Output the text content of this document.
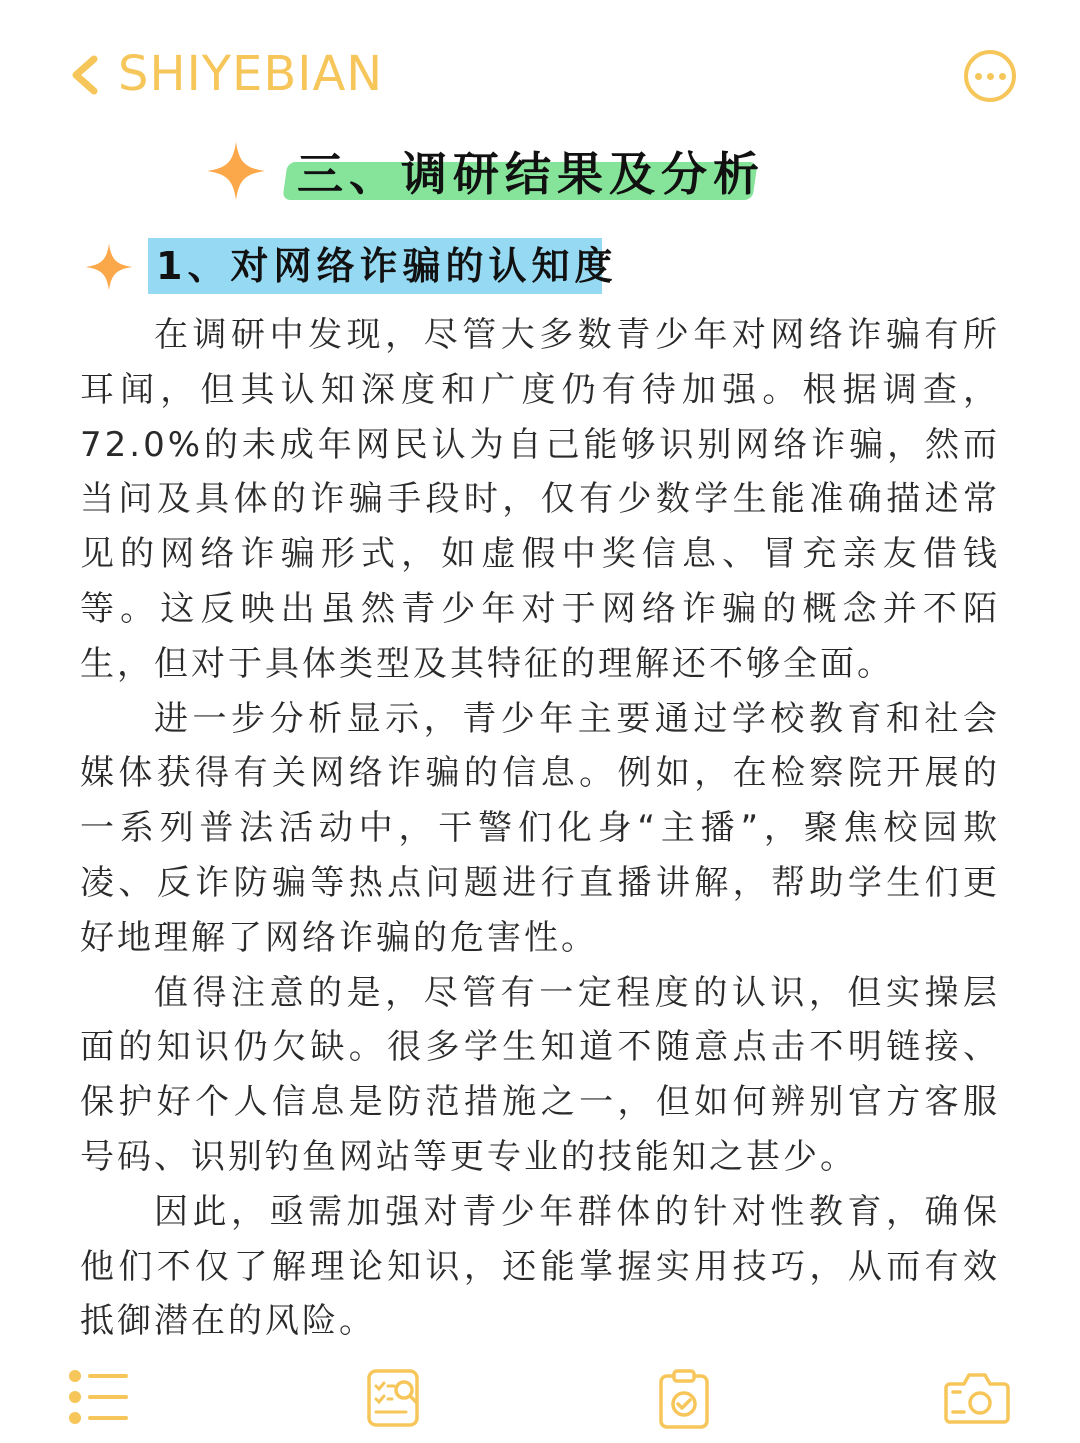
SHIYEBIAN
三、调研结果及分析
1、对网络诈骗的认知度

在调研中发现，尽管大多数青少年对网络诈骗有所耳闻，但其认知深度和广度仍有待加强。根据调查，72.0%的未成年网民认为自己能够识别网络诈骗，然而当问及具体的诈骗手段时，仅有少数学生能准确描述常见的网络诈骗形式，如虚假中奖信息、冒充亲友借钱等。这反映出虽然青少年对于网络诈骗的概念并不陌生，但对于具体类型及其特征的理解还不够全面。

进一步分析显示，青少年主要通过学校教育和社会媒体获得有关网络诈骗的信息。例如，在检察院开展的一系列普法活动中，干警们化身“主播”，聚焦校园欺凌、反诈防骗等热点问题进行直播讲解，帮助学生们更好地理解了网络诈骗的危害性。

值得注意的是，尽管有一定程度的认识，但实操层面的知识仍欠缺。很多学生知道不随意点击不明链接、保护好个人信息是防范措施之一，但如何辨别官方客服号码、识别钓鱼网站等更专业的技能知之甚少。

因此，亟需加强对青少年群体的针对性教育，确保他们不仅了解理论知识，还能掌握实用技巧，从而有效抵御潜在的风险。
